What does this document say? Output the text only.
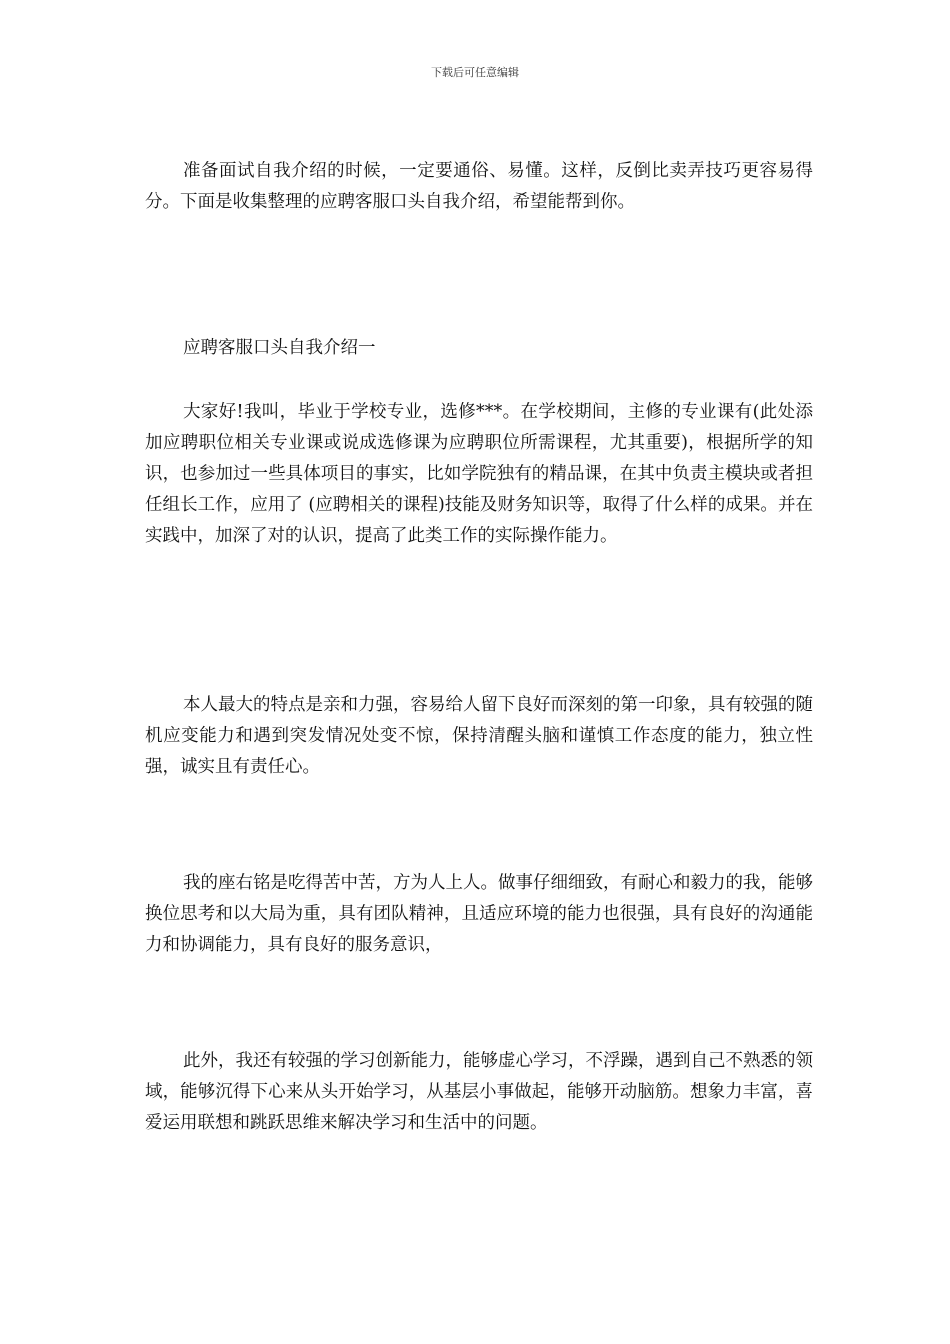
下载后可任意编辑

准备面试自我介绍的时候，一定要通俗、易懂。这样，反倒比卖弄技巧更容易得分。下面是收集整理的应聘客服口头自我介绍，希望能帮到你。

应聘客服口头自我介绍一

大家好!我叫，毕业于学校专业，选修***。在学校期间，主修的专业课有(此处添加应聘职位相关专业课或说成选修课为应聘职位所需课程，尤其重要)，根据所学的知识，也参加过一些具体项目的事实，比如学院独有的精品课，在其中负责主模块或者担任组长工作，应用了 (应聘相关的课程)技能及财务知识等，取得了什么样的成果。并在实践中，加深了对的认识，提高了此类工作的实际操作能力。

本人最大的特点是亲和力强，容易给人留下良好而深刻的第一印象，具有较强的随机应变能力和遇到突发情况处变不惊，保持清醒头脑和谨慎工作态度的能力，独立性强，诚实且有责任心。

我的座右铭是吃得苦中苦，方为人上人。做事仔细细致，有耐心和毅力的我，能够换位思考和以大局为重，具有团队精神，且适应环境的能力也很强，具有良好的沟通能力和协调能力，具有良好的服务意识，

此外，我还有较强的学习创新能力，能够虚心学习，不浮躁，遇到自己不熟悉的领域，能够沉得下心来从头开始学习，从基层小事做起，能够开动脑筋。想象力丰富，喜爱运用联想和跳跃思维来解决学习和生活中的问题。
